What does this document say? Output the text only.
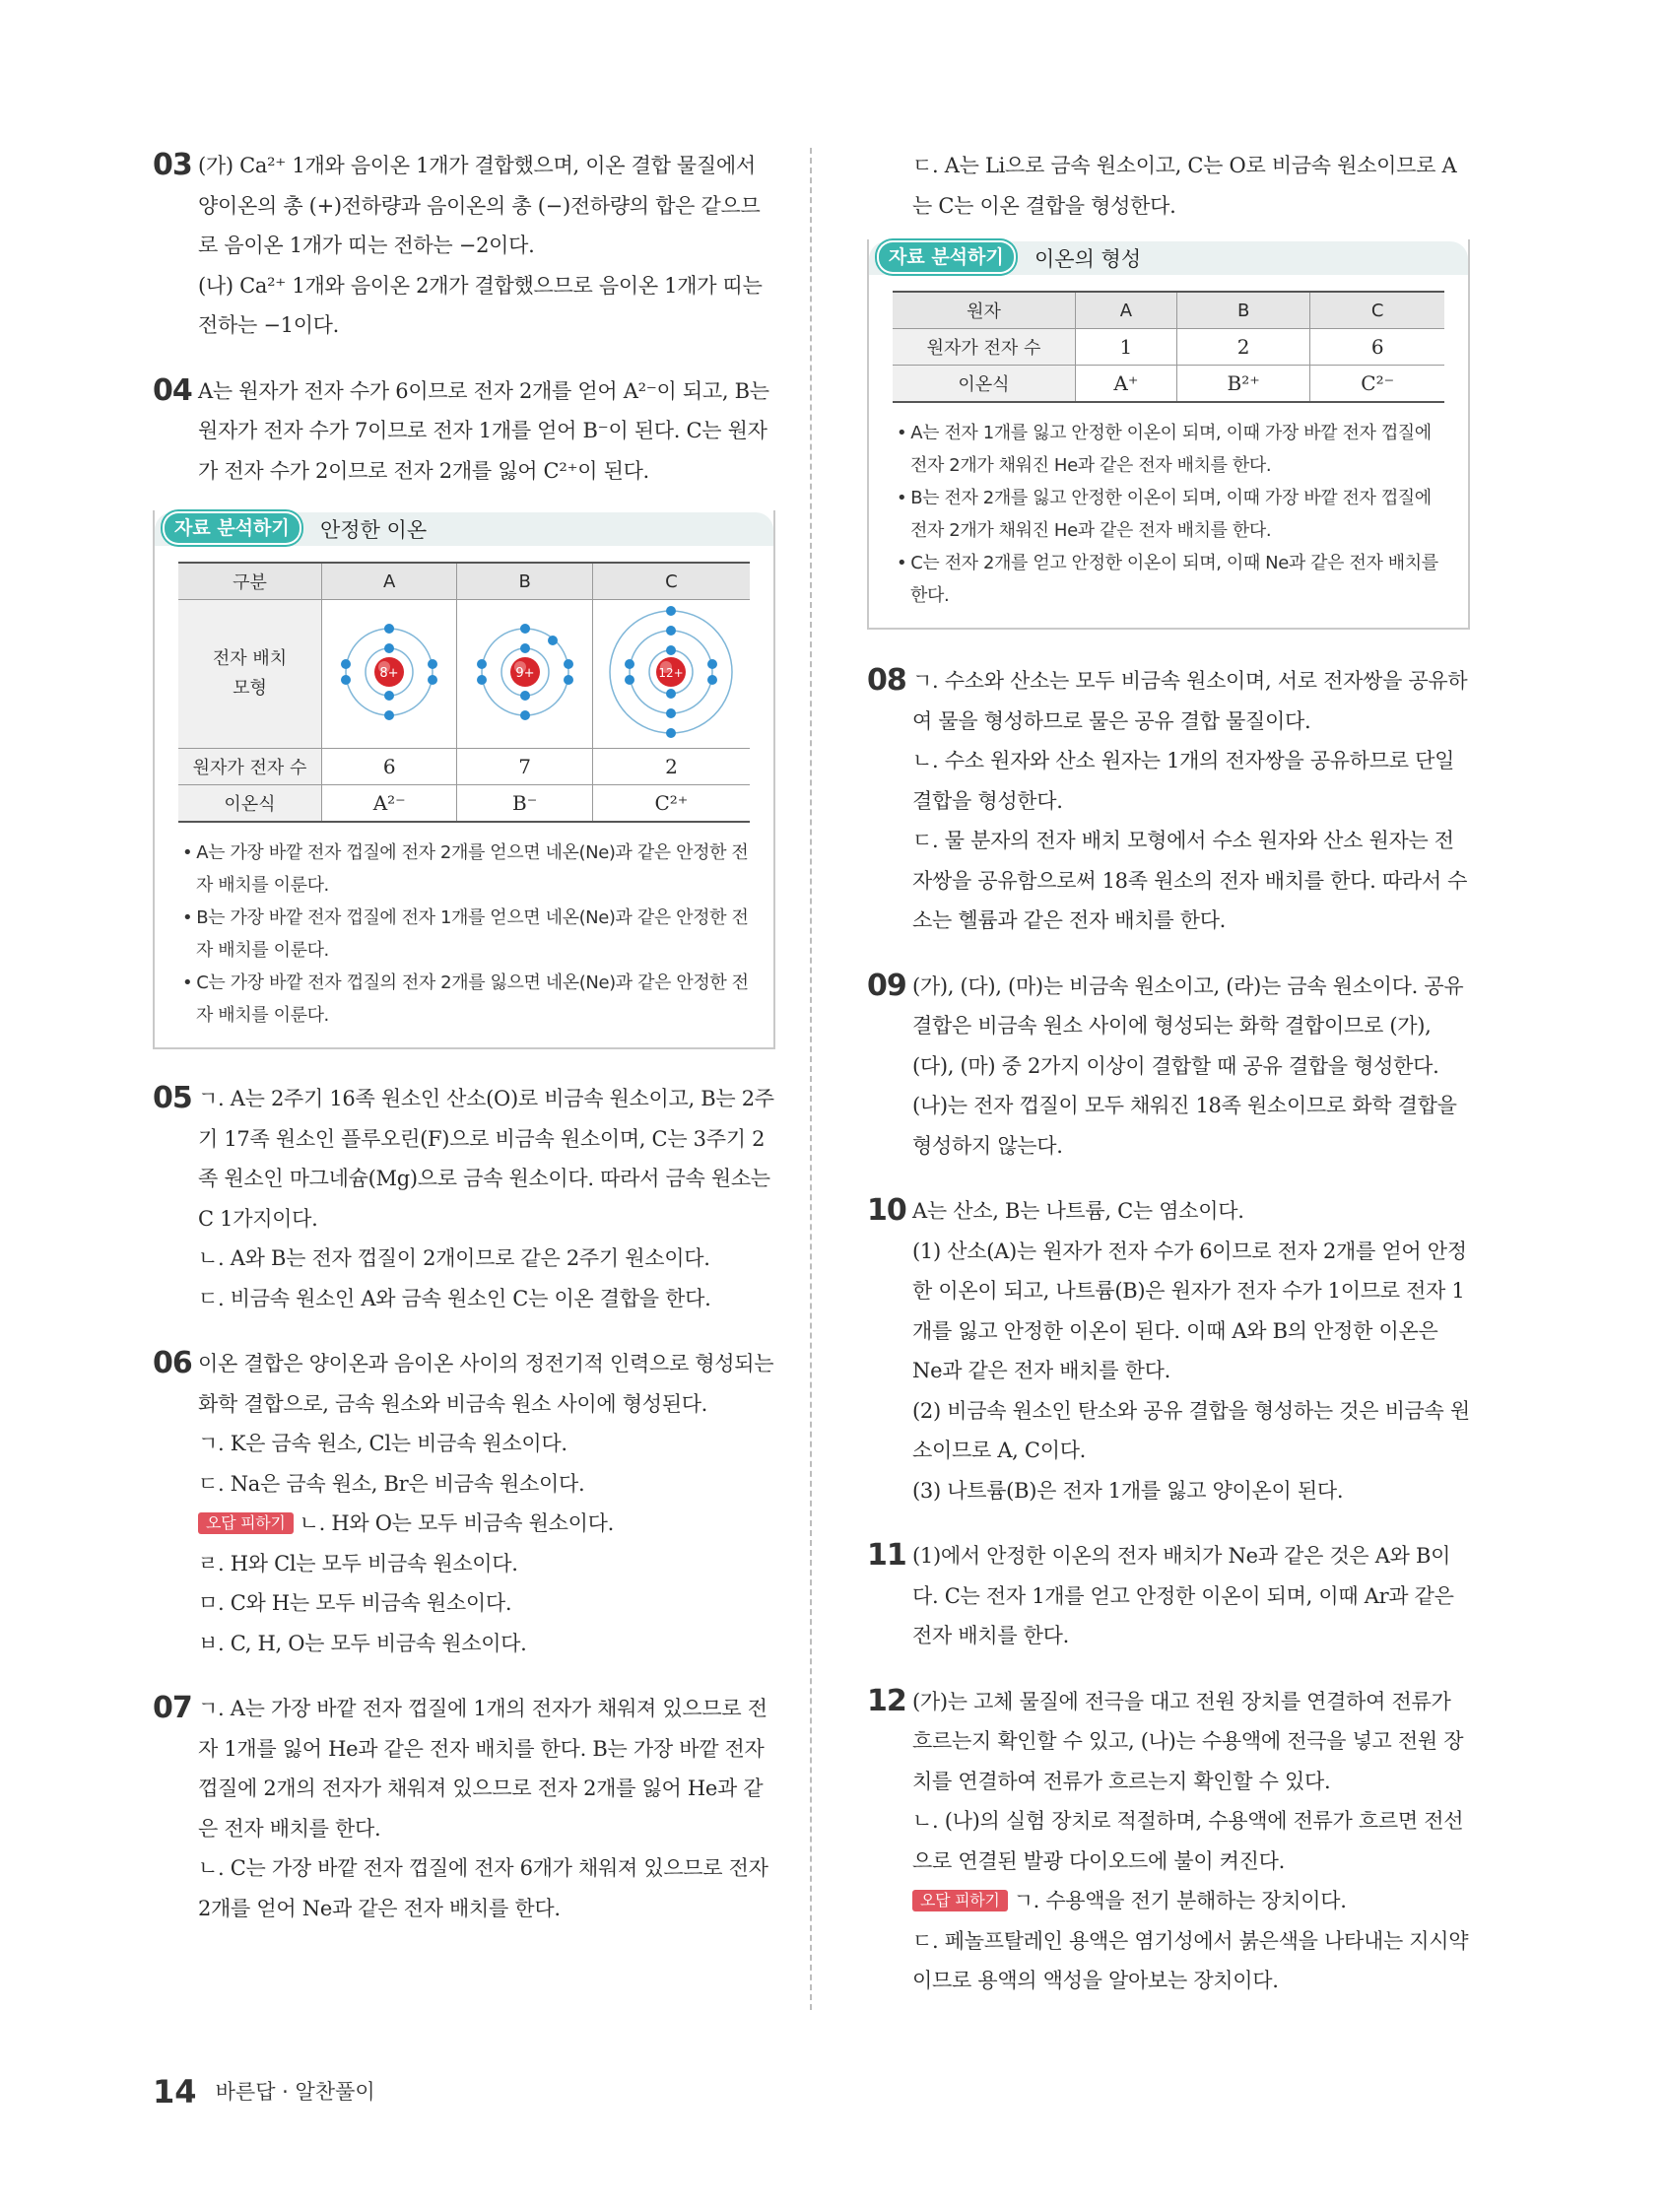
03 (가) Ca²⁺ 1개와 음이온 1개가 결합했으며, 이온 결합 물질에서 양이온의 총 (+)전하량과 음이온의 총 (−)전하량의 합은 같으므로 음이온 1개가 띠는 전하는 −2이다.

(나) Ca²⁺ 1개와 음이온 2개가 결합했으므로 음이온 1개가 띠는 전하는 −1이다.

04 A는 원자가 전자 수가 6이므로 전자 2개를 얻어 A²⁻이 되고, B는 원자가 전자 수가 7이므로 전자 1개를 얻어 B⁻이 된다. C는 원자가 전자 수가 2이므로 전자 2개를 잃어 C²⁺이 된다.

자료 분석하기	안정한 이온
구분	A	B	C
전자 배치 모형	8+	9+	12+

원자가 전자 수	6	7	2
이온식	A²⁻	B⁻	C²⁺
• A는 가장 바깥 전자 껍질에 전자 2개를 얻으면 네온(Ne)과 같은 안정한 전자 배치를 이룬다.
• B는 가장 바깥 전자 껍질에 전자 1개를 얻으면 네온(Ne)과 같은 안정한 전자 배치를 이룬다.
• C는 가장 바깥 전자 껍질의 전자 2개를 잃으면 네온(Ne)과 같은 안정한 전자 배치를 이룬다.
05 ㄱ. A는 2주기 16족 원소인 산소(O)로 비금속 원소이고, B는 2주기 17족 원소인 플루오린(F)으로 비금속 원소이며, C는 3주기 2족 원소인 마그네슘(Mg)으로 금속 원소이다. 따라서 금속 원소는 C 1가지이다.

ㄴ. A와 B는 전자 껍질이 2개이므로 같은 2주기 원소이다.

ㄷ. 비금속 원소인 A와 금속 원소인 C는 이온 결합을 한다.

06 이온 결합은 양이온과 음이온 사이의 정전기적 인력으로 형성되는 화학 결합으로, 금속 원소와 비금속 원소 사이에 형성된다.

ㄱ. K은 금속 원소, Cl는 비금속 원소이다.

ㄷ. Na은 금속 원소, Br은 비금속 원소이다.

오답 피하기 ㄴ. H와 O는 모두 비금속 원소이다.

ㄹ. H와 Cl는 모두 비금속 원소이다.

ㅁ. C와 H는 모두 비금속 원소이다.

ㅂ. C, H, O는 모두 비금속 원소이다.

07 ㄱ. A는 가장 바깥 전자 껍질에 1개의 전자가 채워져 있으므로 전자 1개를 잃어 He과 같은 전자 배치를 한다. B는 가장 바깥 전자 껍질에 2개의 전자가 채워져 있으므로 전자 2개를 잃어 He과 같은 전자 배치를 한다.

ㄴ. C는 가장 바깥 전자 껍질에 전자 6개가 채워져 있으므로 전자 2개를 얻어 Ne과 같은 전자 배치를 한다.

ㄷ. A는 Li으로 금속 원소이고, C는 O로 비금속 원소이므로 A는 C는 이온 결합을 형성한다.

자료 분석하기	이온의 형성
원자	A	B	C
원자가 전자 수	1	2	6
이온식	A⁺	B²⁺	C²⁻
• A는 전자 1개를 잃고 안정한 이온이 되며, 이때 가장 바깥 전자 껍질에 전자 2개가 채워진 He과 같은 전자 배치를 한다.
• B는 전자 2개를 잃고 안정한 이온이 되며, 이때 가장 바깥 전자 껍질에 전자 2개가 채워진 He과 같은 전자 배치를 한다.
• C는 전자 2개를 얻고 안정한 이온이 되며, 이때 Ne과 같은 전자 배치를 한다.
08 ㄱ. 수소와 산소는 모두 비금속 원소이며, 서로 전자쌍을 공유하여 물을 형성하므로 물은 공유 결합 물질이다.

ㄴ. 수소 원자와 산소 원자는 1개의 전자쌍을 공유하므로 단일 결합을 형성한다.

ㄷ. 물 분자의 전자 배치 모형에서 수소 원자와 산소 원자는 전자쌍을 공유함으로써 18족 원소의 전자 배치를 한다. 따라서 수소는 헬륨과 같은 전자 배치를 한다.

09 (가), (다), (마)는 비금속 원소이고, (라)는 금속 원소이다. 공유 결합은 비금속 원소 사이에 형성되는 화학 결합이므로 (가), (다), (마) 중 2가지 이상이 결합할 때 공유 결합을 형성한다. (나)는 전자 껍질이 모두 채워진 18족 원소이므로 화학 결합을 형성하지 않는다.

10 A는 산소, B는 나트륨, C는 염소이다.

(1) 산소(A)는 원자가 전자 수가 6이므로 전자 2개를 얻어 안정한 이온이 되고, 나트륨(B)은 원자가 전자 수가 1이므로 전자 1개를 잃고 안정한 이온이 된다. 이때 A와 B의 안정한 이온은 Ne과 같은 전자 배치를 한다.

(2) 비금속 원소인 탄소와 공유 결합을 형성하는 것은 비금속 원소이므로 A, C이다.

(3) 나트륨(B)은 전자 1개를 잃고 양이온이 된다.

11 (1)에서 안정한 이온의 전자 배치가 Ne과 같은 것은 A와 B이다. C는 전자 1개를 얻고 안정한 이온이 되며, 이때 Ar과 같은 전자 배치를 한다.

12 (가)는 고체 물질에 전극을 대고 전원 장치를 연결하여 전류가 흐르는지 확인할 수 있고, (나)는 수용액에 전극을 넣고 전원 장치를 연결하여 전류가 흐르는지 확인할 수 있다.

ㄴ. (나)의 실험 장치로 적절하며, 수용액에 전류가 흐르면 전선으로 연결된 발광 다이오드에 불이 켜진다.

오답 피하기 ㄱ. 수용액을 전기 분해하는 장치이다.

ㄷ. 페놀프탈레인 용액은 염기성에서 붉은색을 나타내는 지시약이므로 용액의 액성을 알아보는 장치이다.

14 바른답 · 알찬풀이
